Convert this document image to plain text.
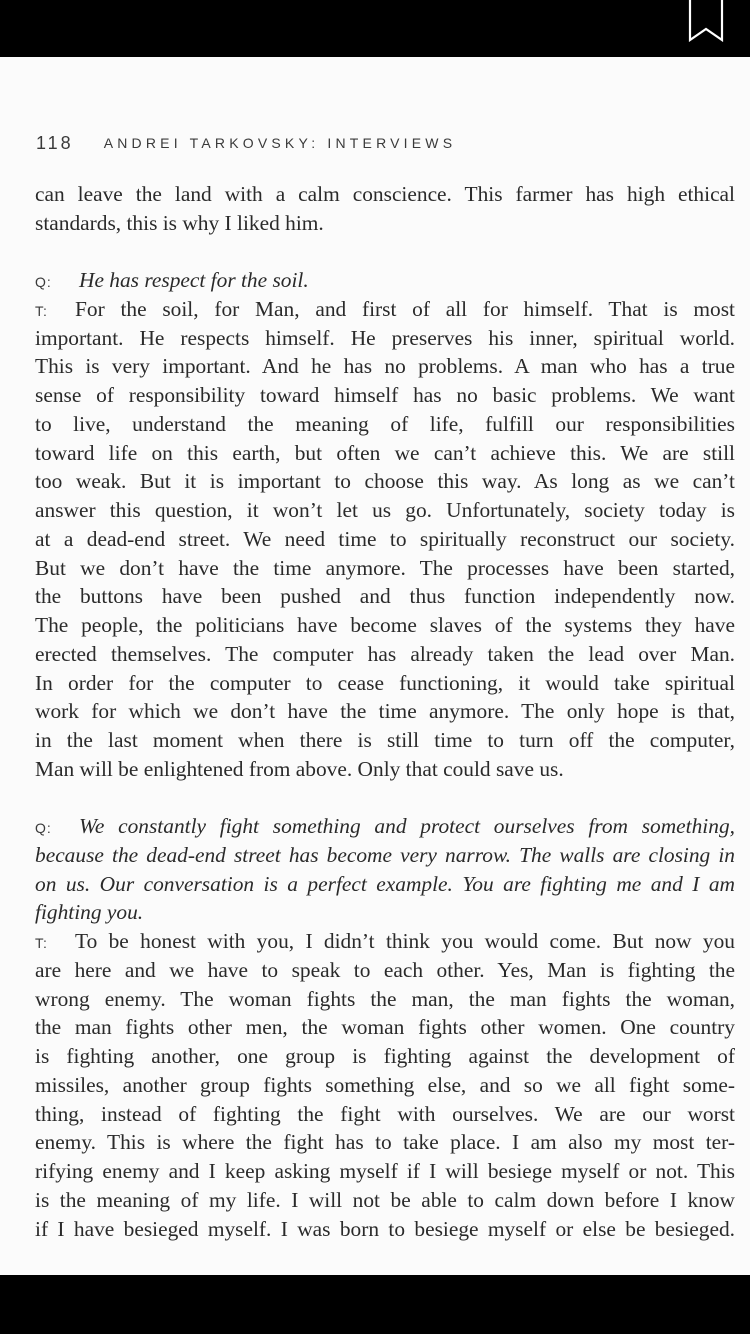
118 ANDREI TARKOVSKY: INTERVIEWS
can leave the land with a calm conscience. This farmer has high ethical
standards, this is why I liked him.
Q: He has respect for the soil.
T: For the soil, for Man, and first of all for himself. That is most
important. He respects himself. He preserves his inner, spiritual world.
This is very important. And he has no problems. A man who has a true
sense of responsibility toward himself has no basic problems. We want
to live, understand the meaning of life, fulfill our responsibilities
toward life on this earth, but often we can’t achieve this. We are still
too weak. But it is important to choose this way. As long as we can’t
answer this question, it won’t let us go. Unfortunately, society today is
at a dead-end street. We need time to spiritually reconstruct our society.
But we don’t have the time anymore. The processes have been started,
the buttons have been pushed and thus function independently now.
The people, the politicians have become slaves of the systems they have
erected themselves. The computer has already taken the lead over Man.
In order for the computer to cease functioning, it would take spiritual
work for which we don’t have the time anymore. The only hope is that,
in the last moment when there is still time to turn off the computer,
Man will be enlightened from above. Only that could save us.
Q: We constantly fight something and protect ourselves from something,
because the dead-end street has become very narrow. The walls are closing in
on us. Our conversation is a perfect example. You are fighting me and I am
fighting you.
T: To be honest with you, I didn’t think you would come. But now you
are here and we have to speak to each other. Yes, Man is fighting the
wrong enemy. The woman fights the man, the man fights the woman,
the man fights other men, the woman fights other women. One country
is fighting another, one group is fighting against the development of
missiles, another group fights something else, and so we all fight some-
thing, instead of fighting the fight with ourselves. We are our worst
enemy. This is where the fight has to take place. I am also my most ter-
rifying enemy and I keep asking myself if I will besiege myself or not. This
is the meaning of my life. I will not be able to calm down before I know
if I have besieged myself. I was born to besiege myself or else be besieged.
